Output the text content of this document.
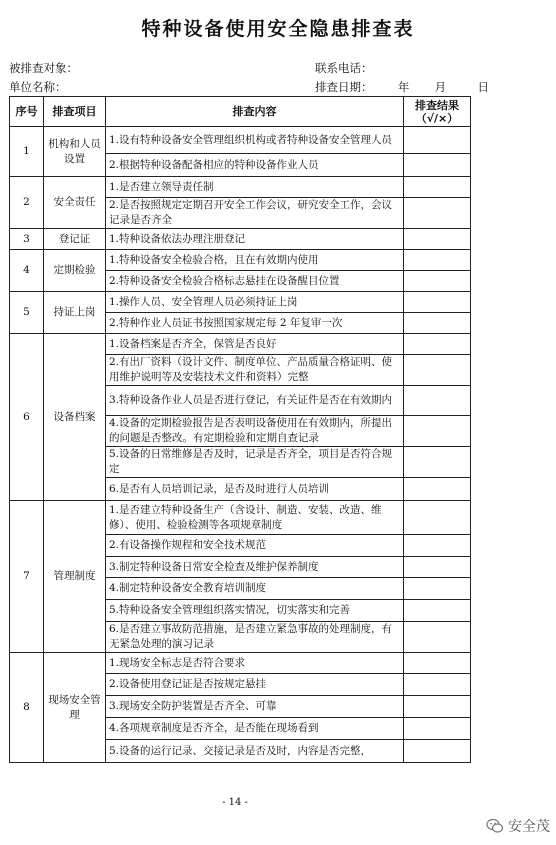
特种设备使用安全隐患排查表
被排查对象：	联系电话：
单位名称：	排查日期： 年 月	日
序号	排查项目	排查内容	排查结果（√/×）
1	机构和人员设置	1.设有特种设备安全管理组织机构或者特种设备安全管理人员	
		2.根据特种设备配备相应的特种设备作业人员	
2	安全责任	1.是否建立领导责任制	
		2.是否按照规定定期召开安全工作会议，研究安全工作，会议记录是否齐全	
3	登记证	1.特种设备依法办理注册登记	
4	定期检验	1.特种设备安全检验合格，且在有效期内使用	
		2.特种设备安全检验合格标志悬挂在设备醒目位置	
5	持证上岗	1.操作人员、安全管理人员必须持证上岗	
		2.特种作业人员证书按照国家规定每 2 年复审一次	
6	设备档案	1.设备档案是否齐全，保管是否良好	
		2.有出厂资料（设计文件、制度单位、产品质量合格证明、使用维护说明等及安装技术文件和资料）完整	
		3.特种设备作业人员是否进行登记，有关证件是否在有效期内	
		4.设备的定期检验报告是否表明设备使用在有效期内，所提出的问题是否整改。有定期检验和定期自查记录	
		5.设备的日常维修是否及时，记录是否齐全，项目是否符合规定	
		6.是否有人员培训记录，是否及时进行人员培训	
7	管理制度	1.是否建立特种设备生产（含设计、制造、安装、改造、维修）、使用、检验检测等各项规章制度	
		2.有设备操作规程和安全技术规范	
		3.制定特种设备日常安全检查及维护保养制度	
		4.制定特种设备安全教育培训制度	
		5.特种设备安全管理组织落实情况，切实落实和完善	
		6.是否建立事故防范措施，是否建立紧急事故的处理制度，有无紧急处理的演习记录	
8	现场安全管理	1.现场安全标志是否符合要求	
		2.设备使用登记证是否按规定悬挂	
		3.现场安全防护装置是否齐全、可靠	
		4.各项规章制度是否齐全，是否能在现场看到	
		5.设备的运行记录、交接记录是否及时，内容是否完整，	
- 14 -
安全茂
